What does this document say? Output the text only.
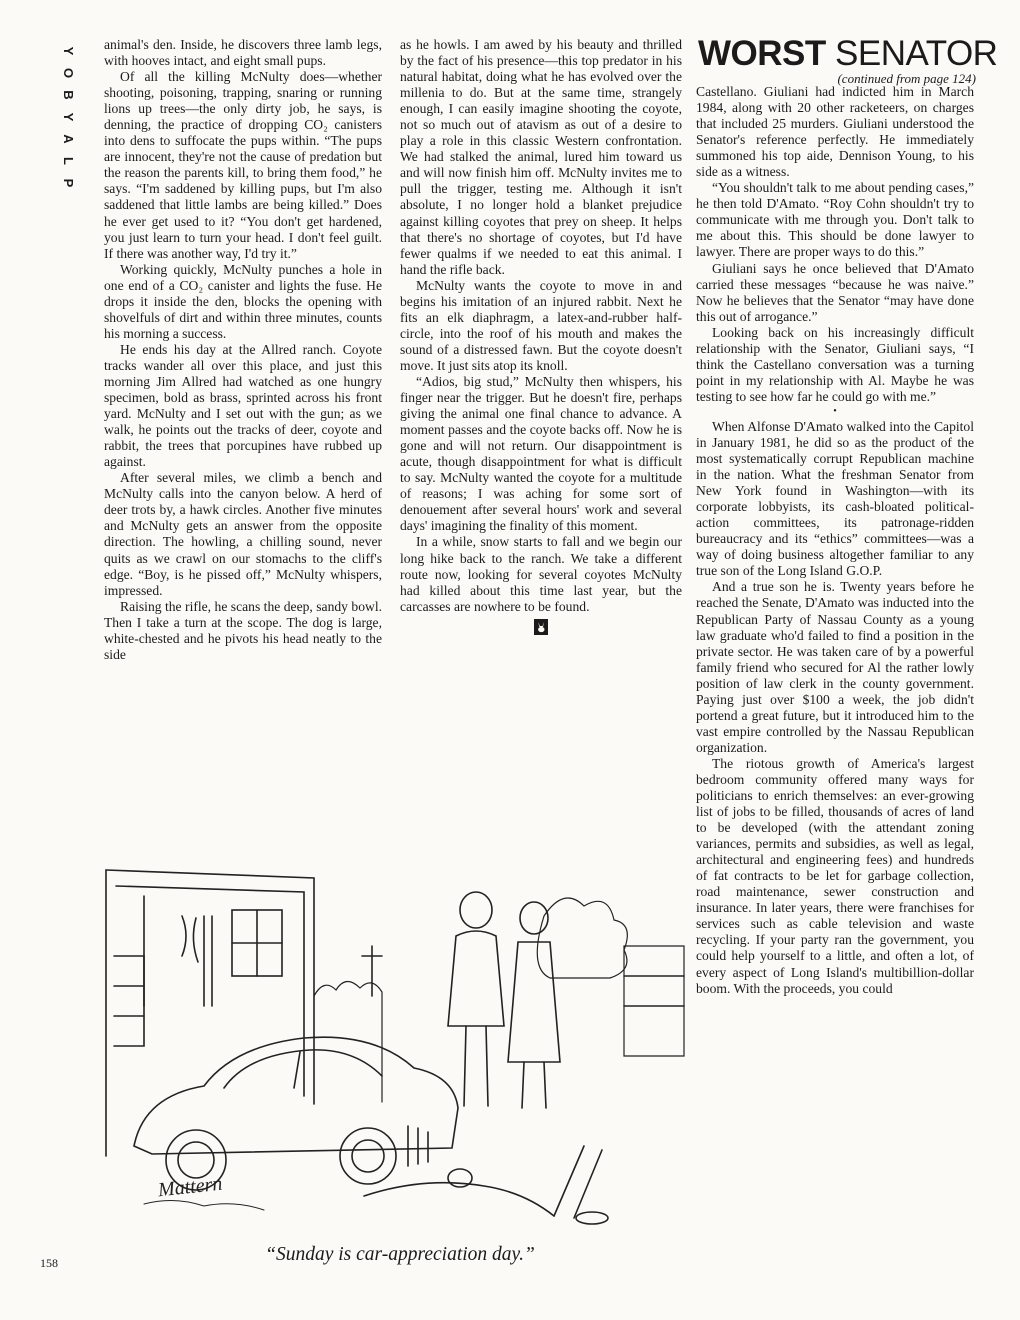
Y
O
B
Y
A
L
P

animal's den. Inside, he discovers three lamb legs, with hooves intact, and eight small pups.

Of all the killing McNulty does—whether shooting, poisoning, trapping, snaring or running lions up trees—the only dirty job, he says, is denning, the practice of dropping CO₂ canisters into dens to suffocate the pups within. “The pups are innocent, they're not the cause of predation but the reason the parents kill, to bring them food,” he says. “I'm saddened by killing pups, but I'm also saddened that little lambs are being killed.” Does he ever get used to it? “You don't get hardened, you just learn to turn your head. I don't feel guilt. If there was another way, I'd try it.”

Working quickly, McNulty punches a hole in one end of a CO₂ canister and lights the fuse. He drops it inside the den, blocks the opening with shovelfuls of dirt and within three minutes, counts his morning a success.

He ends his day at the Allred ranch. Coyote tracks wander all over this place, and just this morning Jim Allred had watched as one hungry specimen, bold as brass, sprinted across his front yard. McNulty and I set out with the gun; as we walk, he points out the tracks of deer, coyote and rabbit, the trees that porcupines have rubbed up against.

After several miles, we climb a bench and McNulty calls into the canyon below. A herd of deer trots by, a hawk circles. Another five minutes and McNulty gets an answer from the opposite direction. The howling, a chilling sound, never quits as we crawl on our stomachs to the cliff's edge. “Boy, is he pissed off,” McNulty whispers, impressed.

Raising the rifle, he scans the deep, sandy bowl. Then I take a turn at the scope. The dog is large, white-chested and he pivots his head neatly to the side

as he howls. I am awed by his beauty and thrilled by the fact of his presence—this top predator in his natural habitat, doing what he has evolved over the millenia to do. But at the same time, strangely enough, I can easily imagine shooting the coyote, not so much out of atavism as out of a desire to play a role in this classic Western confrontation. We had stalked the animal, lured him toward us and will now finish him off. McNulty invites me to pull the trigger, testing me. Although it isn't absolute, I no longer hold a blanket prejudice against killing coyotes that prey on sheep. It helps that there's no shortage of coyotes, but I'd have fewer qualms if we needed to eat this animal. I hand the rifle back.

McNulty wants the coyote to move in and begins his imitation of an injured rabbit. Next he fits an elk diaphragm, a latex-and-rubber half-circle, into the roof of his mouth and makes the sound of a distressed fawn. But the coyote doesn't move. It just sits atop its knoll.

“Adios, big stud,” McNulty then whispers, his finger near the trigger. But he doesn't fire, perhaps giving the animal one final chance to advance. A moment passes and the coyote backs off. Now he is gone and will not return. Our disappointment is acute, though disappointment for what is difficult to say. McNulty wanted the coyote for a multitude of reasons; I was aching for some sort of denouement after several hours' work and several days' imagining the finality of this moment.

In a while, snow starts to fall and we begin our long hike back to the ranch. We take a different route now, looking for several coyotes McNulty had killed about this time last year, but the carcasses are nowhere to be found.

WORST SENATOR
(continued from page 124)

Castellano. Giuliani had indicted him in March 1984, along with 20 other racketeers, on charges that included 25 murders. Giuliani understood the Senator's reference perfectly. He immediately summoned his top aide, Dennison Young, to his side as a witness.

“You shouldn't talk to me about pending cases,” he then told D'Amato. “Roy Cohn shouldn't try to communicate with me through you. Don't talk to me about this. This should be done lawyer to lawyer. There are proper ways to do this.”

Giuliani says he once believed that D'Amato carried these messages “because he was naive.” Now he believes that the Senator “may have done this out of arrogance.”

Looking back on his increasingly difficult relationship with the Senator, Giuliani says, “I think the Castellano conversation was a turning point in my relationship with Al. Maybe he was testing to see how far he could go with me.”

•

When Alfonse D'Amato walked into the Capitol in January 1981, he did so as the product of the most systematically corrupt Republican machine in the nation. What the freshman Senator from New York found in Washington—with its corporate lobbyists, its cash-bloated political-action committees, its patronage-ridden bureaucracy and its “ethics” committees—was a way of doing business altogether familiar to any true son of the Long Island G.O.P.

And a true son he is. Twenty years before he reached the Senate, D'Amato was inducted into the Republican Party of Nassau County as a young law graduate who'd failed to find a position in the private sector. He was taken care of by a powerful family friend who secured for Al the rather lowly position of law clerk in the county government. Paying just over $100 a week, the job didn't portend a great future, but it introduced him to the vast empire controlled by the Nassau Republican organization.

The riotous growth of America's largest bedroom community offered many ways for politicians to enrich themselves: an ever-growing list of jobs to be filled, thousands of acres of land to be developed (with the attendant zoning variances, permits and subsidies, as well as legal, architectural and engineering fees) and hundreds of fat contracts to be let for garbage collection, road maintenance, sewer construction and insurance. In later years, there were franchises for services such as cable television and waste recycling. If your party ran the government, you could help yourself to a little, and often a lot, of every aspect of Long Island's multibillion-dollar boom. With the proceeds, you could

Mattern
“Sunday is car-appreciation day.”
158
